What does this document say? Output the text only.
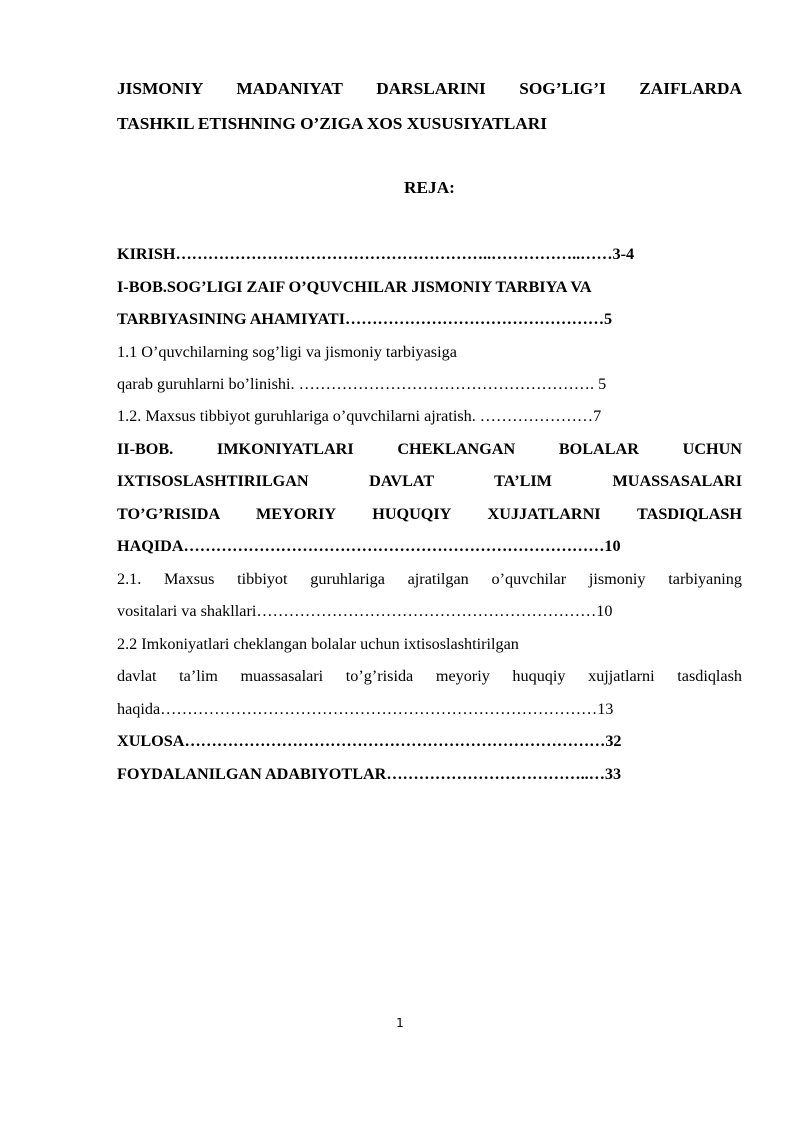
JISMONIY MADANIYAT DARSLARINI SOG’LIG’I ZAIFLARDA
TASHKIL ETISHNING O’ZIGA XOS XUSUSIYATLARI
REJA:
KIRISH…………………………………………………..……………..……3-4
I-BOB.SOG’LIGI ZAIF O’QUVCHILAR JISMONIY TARBIYA VA
TARBIYASINING AHAMIYATI…………………………………………5
1.1 O’quvchilarning sog’ligi va jismoniy tarbiyasiga
qarab guruhlarni bo’linishi. ………………………………………………. 5
1.2. Maxsus tibbiyot guruhlariga o’quvchilarni ajratish. …………………7
II-BOB. IMKONIYATLARI CHEKLANGAN BOLALAR UCHUN
IXTISOSLASHTIRILGAN DAVLAT TA’LIM MUASSASALARI
TO’G’RISIDA MEYORIY HUQUQIY XUJJATLARNI TASDIQLASH
HAQIDA……………………………………………………………………10
2.1. Maxsus tibbiyot guruhlariga ajratilgan o’quvchilar jismoniy tarbiyaning
vositalari va shakllari………………………………………………………10
2.2 Imkoniyatlari cheklangan bolalar uchun ixtisoslashtirilgan
davlat ta’lim muassasalari to’g’risida meyoriy huquqiy xujjatlarni tasdiqlash
haqida………………………………………………………………………13
XULOSA……………………………………………………………………32
FOYDALANILGAN ADABIYOTLAR………………………………..…33
1
